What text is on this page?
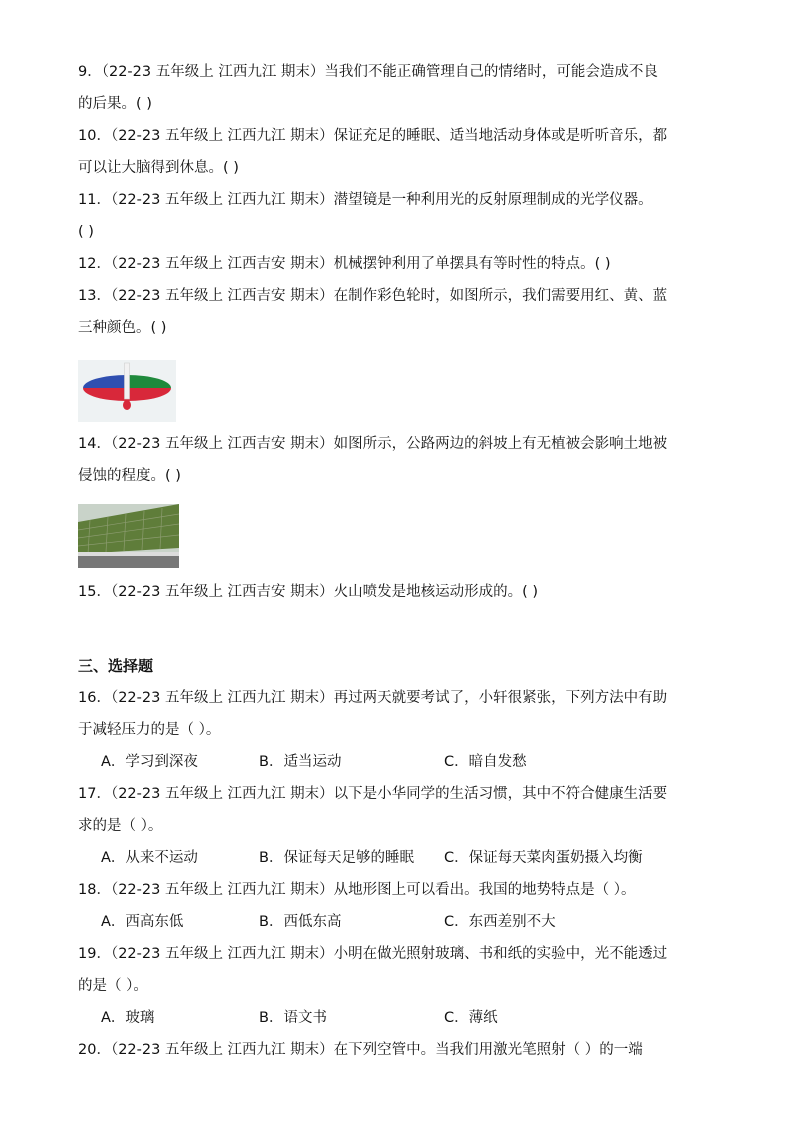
9．（22-23 五年级上 江西九江 期末）当我们不能正确管理自己的情绪时，可能会造成不良
的后果。( )
10．（22-23 五年级上 江西九江 期末）保证充足的睡眠、适当地活动身体或是听听音乐，都
可以让大脑得到休息。( )
11．（22-23 五年级上 江西九江 期末）潜望镜是一种利用光的反射原理制成的光学仪器。
( )
12．（22-23 五年级上 江西吉安 期末）机械摆钟利用了单摆具有等时性的特点。( )
13．（22-23 五年级上 江西吉安 期末）在制作彩色轮时，如图所示，我们需要用红、黄、蓝
三种颜色。( )
14．（22-23 五年级上 江西吉安 期末）如图所示，公路两边的斜坡上有无植被会影响土地被
侵蚀的程度。( )
15．（22-23 五年级上 江西吉安 期末）火山喷发是地核运动形成的。( )
三、选择题
16．（22-23 五年级上 江西九江 期末）再过两天就要考试了，小轩很紧张，下列方法中有助
于减轻压力的是（ ）。
A．学习到深夜	B．适当运动	C．暗自发愁
17．（22-23 五年级上 江西九江 期末）以下是小华同学的生活习惯，其中不符合健康生活要
求的是（ ）。
A．从来不运动	B．保证每天足够的睡眠 C．保证每天菜肉蛋奶摄入均衡
18．（22-23 五年级上 江西九江 期末）从地形图上可以看出。我国的地势特点是（ ）。
A．西高东低	B．西低东高	C．东西差别不大
19．（22-23 五年级上 江西九江 期末）小明在做光照射玻璃、书和纸的实验中，光不能透过
的是（ ）。
A．玻璃	B．语文书	C．薄纸
20．（22-23 五年级上 江西九江 期末）在下列空管中。当我们用激光笔照射（ ）的一端
